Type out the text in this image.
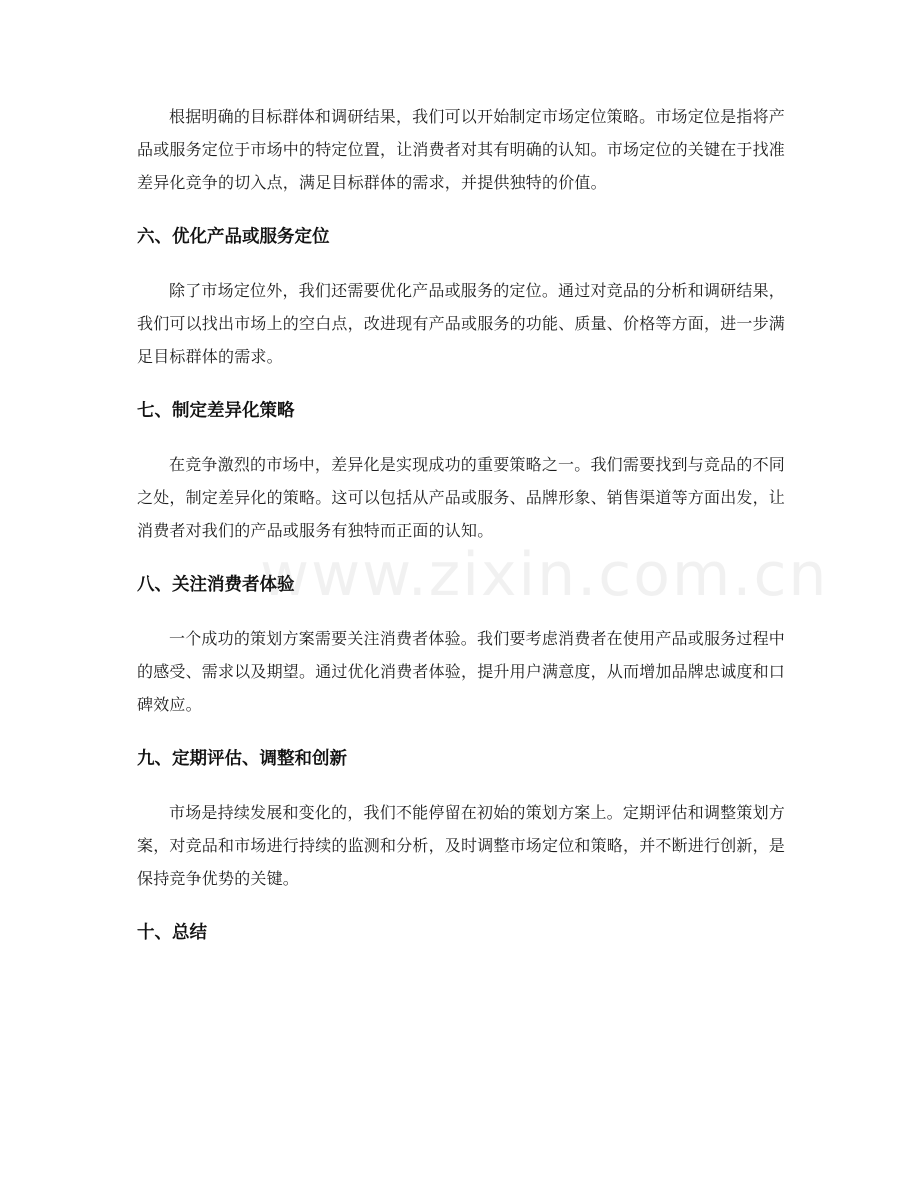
根据明确的目标群体和调研结果，我们可以开始制定市场定位策略。市场定位是指将产品或服务定位于市场中的特定位置，让消费者对其有明确的认知。市场定位的关键在于找准差异化竞争的切入点，满足目标群体的需求，并提供独特的价值。

六、优化产品或服务定位

除了市场定位外，我们还需要优化产品或服务的定位。通过对竞品的分析和调研结果，我们可以找出市场上的空白点，改进现有产品或服务的功能、质量、价格等方面，进一步满足目标群体的需求。

七、制定差异化策略

在竞争激烈的市场中，差异化是实现成功的重要策略之一。我们需要找到与竞品的不同之处，制定差异化的策略。这可以包括从产品或服务、品牌形象、销售渠道等方面出发，让消费者对我们的产品或服务有独特而正面的认知。

八、关注消费者体验

一个成功的策划方案需要关注消费者体验。我们要考虑消费者在使用产品或服务过程中的感受、需求以及期望。通过优化消费者体验，提升用户满意度，从而增加品牌忠诚度和口碑效应。

九、定期评估、调整和创新

市场是持续发展和变化的，我们不能停留在初始的策划方案上。定期评估和调整策划方案，对竞品和市场进行持续的监测和分析，及时调整市场定位和策略，并不断进行创新，是保持竞争优势的关键。

十、总结
www.zixin.com.cn
